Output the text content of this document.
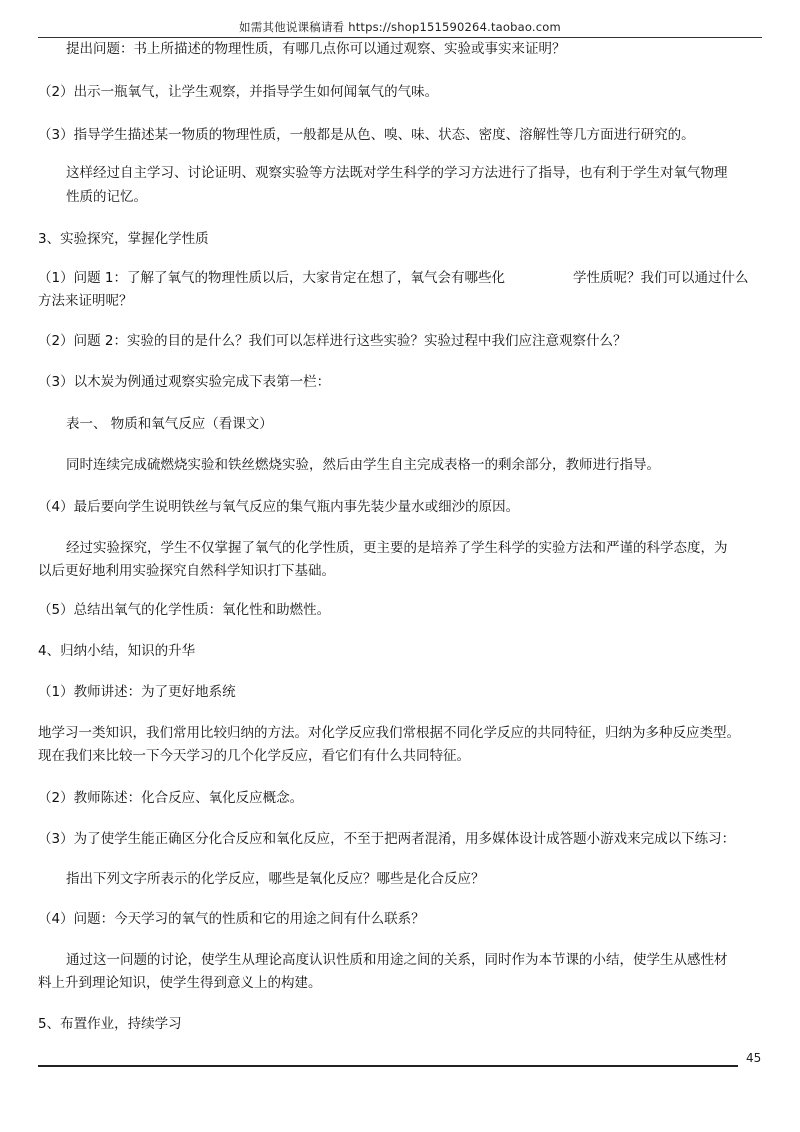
如需其他说课稿请看 https://shop151590264.taobao.com
提出问题：书上所描述的物理性质，有哪几点你可以通过观察、实验或事实来证明？
（2）出示一瓶氧气，让学生观察，并指导学生如何闻氧气的气味。
（3）指导学生描述某一物质的物理性质，一般都是从色、嗅、味、状态、密度、溶解性等几方面进行研究的。
这样经过自主学习、讨论证明、观察实验等方法既对学生科学的学习方法进行了指导，也有利于学生对氧气物理
性质的记忆。
3、实验探究，掌握化学性质
（1）问题 1：了解了氧气的物理性质以后，大家肯定在想了，氧气会有哪些化	学性质呢？我们可以通过什么
方法来证明呢？
（2）问题 2：实验的目的是什么？我们可以怎样进行这些实验？实验过程中我们应注意观察什么？
（3）以木炭为例通过观察实验完成下表第一栏：
表一、 物质和氧气反应（看课文）
同时连续完成硫燃烧实验和铁丝燃烧实验，然后由学生自主完成表格一的剩余部分，教师进行指导。
（4）最后要向学生说明铁丝与氧气反应的集气瓶内事先装少量水或细沙的原因。
经过实验探究，学生不仅掌握了氧气的化学性质，更主要的是培养了学生科学的实验方法和严谨的科学态度，为
以后更好地利用实验探究自然科学知识打下基础。
（5）总结出氧气的化学性质：氧化性和助燃性。
4、归纳小结，知识的升华
（1）教师讲述：为了更好地系统
地学习一类知识，我们常用比较归纳的方法。对化学反应我们常根据不同化学反应的共同特征，归纳为多种反应类型。
现在我们来比较一下今天学习的几个化学反应，看它们有什么共同特征。
（2）教师陈述：化合反应、氧化反应概念。
（3）为了使学生能正确区分化合反应和氧化反应，不至于把两者混淆，用多媒体设计成答题小游戏来完成以下练习：
指出下列文字所表示的化学反应，哪些是氧化反应？哪些是化合反应？
（4）问题：今天学习的氧气的性质和它的用途之间有什么联系？
通过这一问题的讨论，使学生从理论高度认识性质和用途之间的关系，同时作为本节课的小结，使学生从感性材
料上升到理论知识，使学生得到意义上的构建。
5、布置作业，持续学习
45
